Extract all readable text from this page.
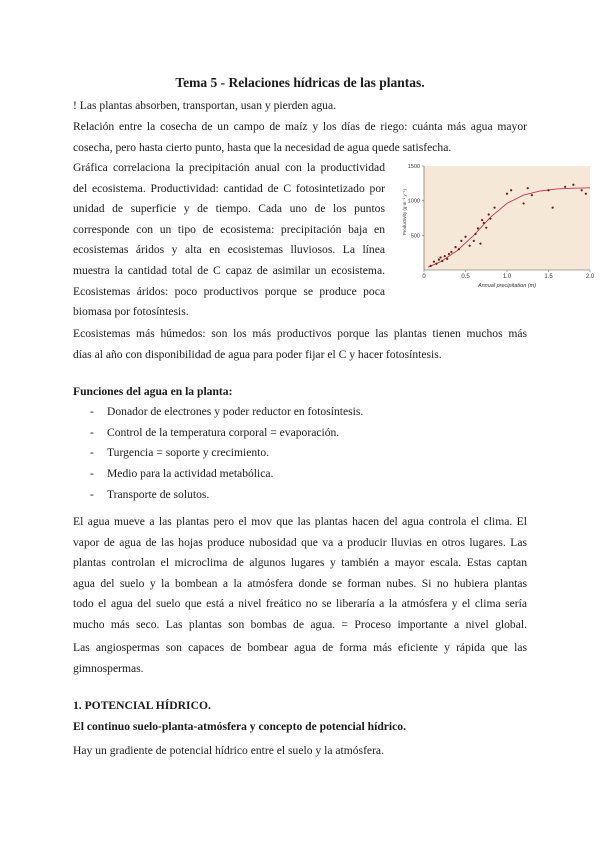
Tema 5 - Relaciones hídricas de las plantas.
! Las plantas absorben, transportan, usan y pierden agua.
Relación entre la cosecha de un campo de maíz y los días de riego: cuánta más agua mayor
cosecha, pero hasta cierto punto, hasta que la necesidad de agua quede satisfecha.
Gráfica correlaciona la precipitación anual con la productividad
del ecosistema. Productividad: cantidad de C fotosintetizado por
unidad de superficie y de tiempo. Cada uno de los puntos
corresponde con un tipo de ecosistema: precipitación baja en
ecosistemas áridos y alta en ecosistemas lluviosos. La línea
muestra la cantidad total de C capaz de asimilar un ecosistema.
Ecosistemas áridos: poco productivos porque se produce poca
biomasa por fotosíntesis.
0	0.5	1.0	1.5	2.0
500
1000
1500
Annual precipitation (m)
Productivity (g m⁻² y⁻¹)
Ecosistemas más húmedos: son los más productivos porque las plantas tienen muchos más
días al año con disponibilidad de agua para poder fijar el C y hacer fotosíntesis.
Funciones del agua en la planta:
- Donador de electrones y poder reductor en fotosíntesis.
- Control de la temperatura corporal = evaporación.
- Turgencia = soporte y crecimiento.
- Medio para la actividad metabólica.
- Transporte de solutos.
El agua mueve a las plantas pero el mov que las plantas hacen del agua controla el clima. El
vapor de agua de las hojas produce nubosidad que va a producir lluvias en otros lugares. Las
plantas controlan el microclima de algunos lugares y también a mayor escala. Estas captan
agua del suelo y la bombean a la atmósfera donde se forman nubes. Si no hubiera plantas
todo el agua del suelo que está a nivel freático no se liberaría a la atmósfera y el clima sería
mucho más seco. Las plantas son bombas de agua. = Proceso importante a nivel global.
Las angiospermas son capaces de bombear agua de forma más eficiente y rápida que las
gimnospermas.
1. POTENCIAL HÍDRICO.
El continuo suelo-planta-atmósfera y concepto de potencial hídrico.
Hay un gradiente de potencial hídrico entre el suelo y la atmósfera.
